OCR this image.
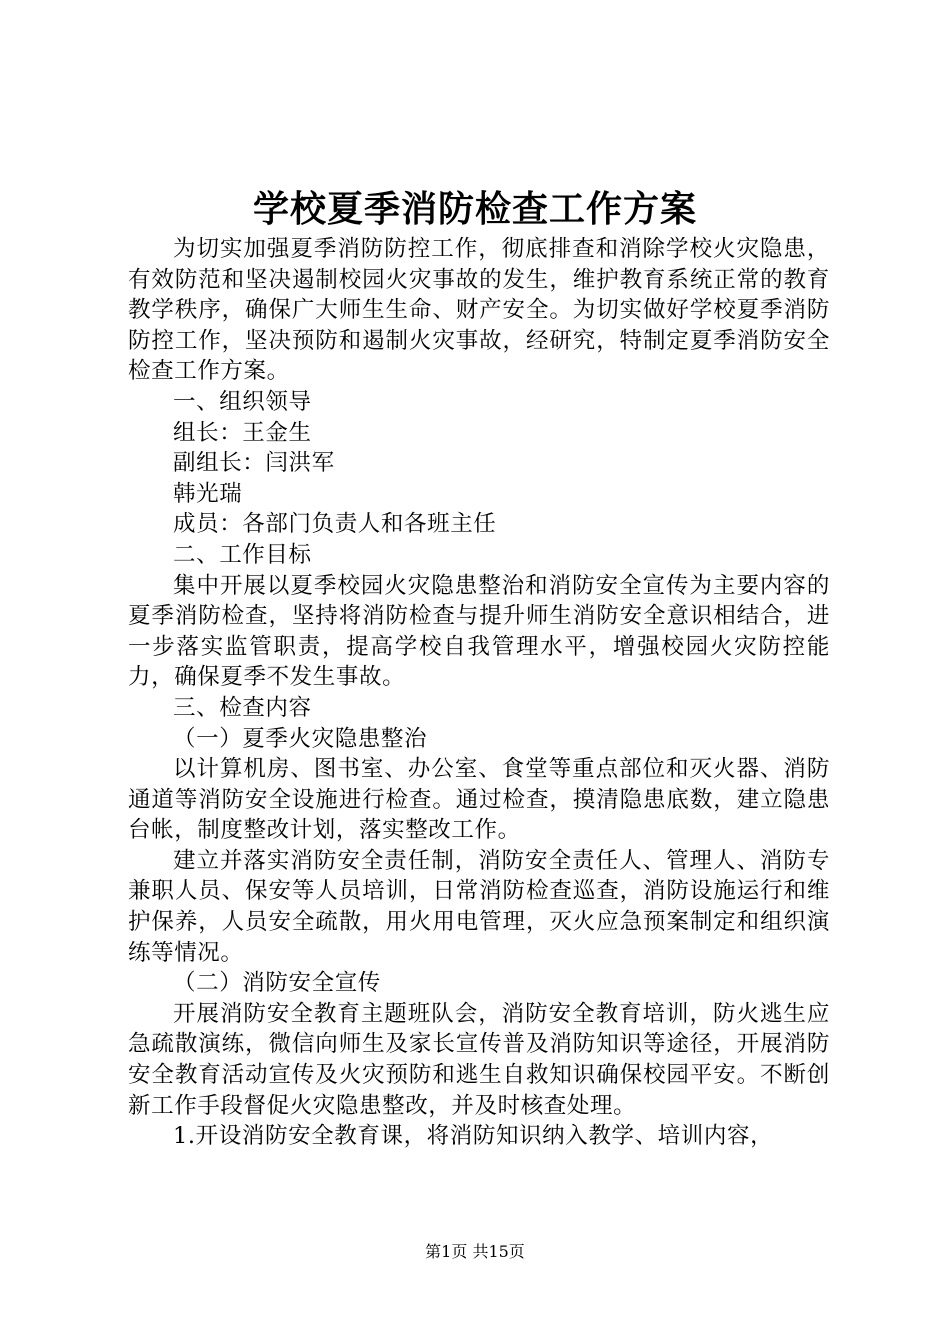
学校夏季消防检查工作方案

为切实加强夏季消防防控工作，彻底排查和消除学校火灾隐患，有效防范和坚决遏制校园火灾事故的发生，维护教育系统正常的教育教学秩序，确保广大师生生命、财产安全。为切实做好学校夏季消防防控工作，坚决预防和遏制火灾事故，经研究，特制定夏季消防安全检查工作方案。

一、组织领导

组长：王金生

副组长：闫洪军

韩光瑞

成员：各部门负责人和各班主任

二、工作目标

集中开展以夏季校园火灾隐患整治和消防安全宣传为主要内容的夏季消防检查，坚持将消防检查与提升师生消防安全意识相结合，进一步落实监管职责，提高学校自我管理水平，增强校园火灾防控能力，确保夏季不发生事故。

三、检查内容

（一）夏季火灾隐患整治

以计算机房、图书室、办公室、食堂等重点部位和灭火器、消防通道等消防安全设施进行检查。通过检查，摸清隐患底数，建立隐患台帐，制度整改计划，落实整改工作。

建立并落实消防安全责任制，消防安全责任人、管理人、消防专兼职人员、保安等人员培训，日常消防检查巡查，消防设施运行和维护保养，人员安全疏散，用火用电管理，灭火应急预案制定和组织演练等情况。

（二）消防安全宣传

开展消防安全教育主题班队会，消防安全教育培训，防火逃生应急疏散演练，微信向师生及家长宣传普及消防知识等途径，开展消防安全教育活动宣传及火灾预防和逃生自救知识确保校园平安。不断创新工作手段督促火灾隐患整改，并及时核查处理。

1.开设消防安全教育课，将消防知识纳入教学、培训内容，

第1页 共15页
